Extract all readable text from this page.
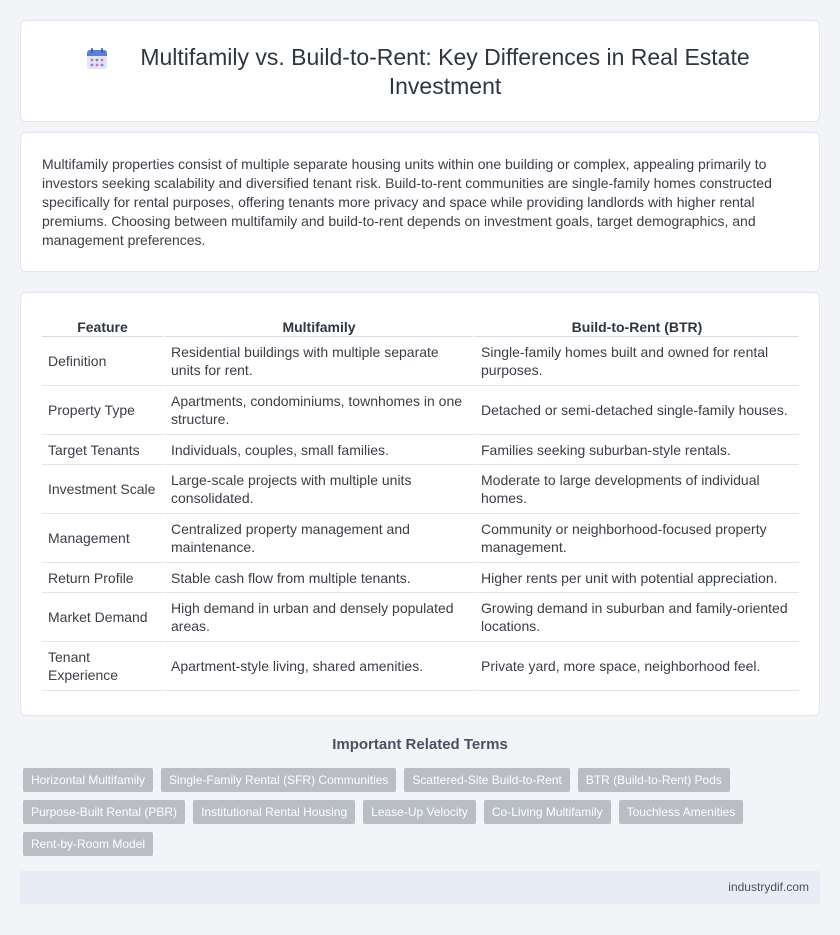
Multifamily vs. Build-to-Rent: Key Differences in Real Estate Investment

Multifamily properties consist of multiple separate housing units within one building or complex, appealing primarily to investors seeking scalability and diversified tenant risk. Build-to-rent communities are single-family homes constructed specifically for rental purposes, offering tenants more privacy and space while providing landlords with higher rental premiums. Choosing between multifamily and build-to-rent depends on investment goals, target demographics, and management preferences.

Feature	Multifamily	Build-to-Rent (BTR)
Definition	Residential buildings with multiple separate units for rent.	Single-family homes built and owned for rental purposes.
Property Type	Apartments, condominiums, townhomes in one structure.	Detached or semi-detached single-family houses.
Target Tenants	Individuals, couples, small families.	Families seeking suburban-style rentals.
Investment Scale	Large-scale projects with multiple units consolidated.	Moderate to large developments of individual homes.
Management	Centralized property management and maintenance.	Community or neighborhood-focused property management.
Return Profile	Stable cash flow from multiple tenants.	Higher rents per unit with potential appreciation.
Market Demand	High demand in urban and densely populated areas.	Growing demand in suburban and family-oriented locations.
Tenant Experience	Apartment-style living, shared amenities.	Private yard, more space, neighborhood feel.
Important Related Terms
Horizontal Multifamily	Single-Family Rental (SFR) Communities	Scattered-Site Build-to-Rent	BTR (Build-to-Rent) Pods
Purpose-Built Rental (PBR)	Institutional Rental Housing	Lease-Up Velocity	Co-Living Multifamily	Touchless Amenities
Rent-by-Room Model
industrydif.com
